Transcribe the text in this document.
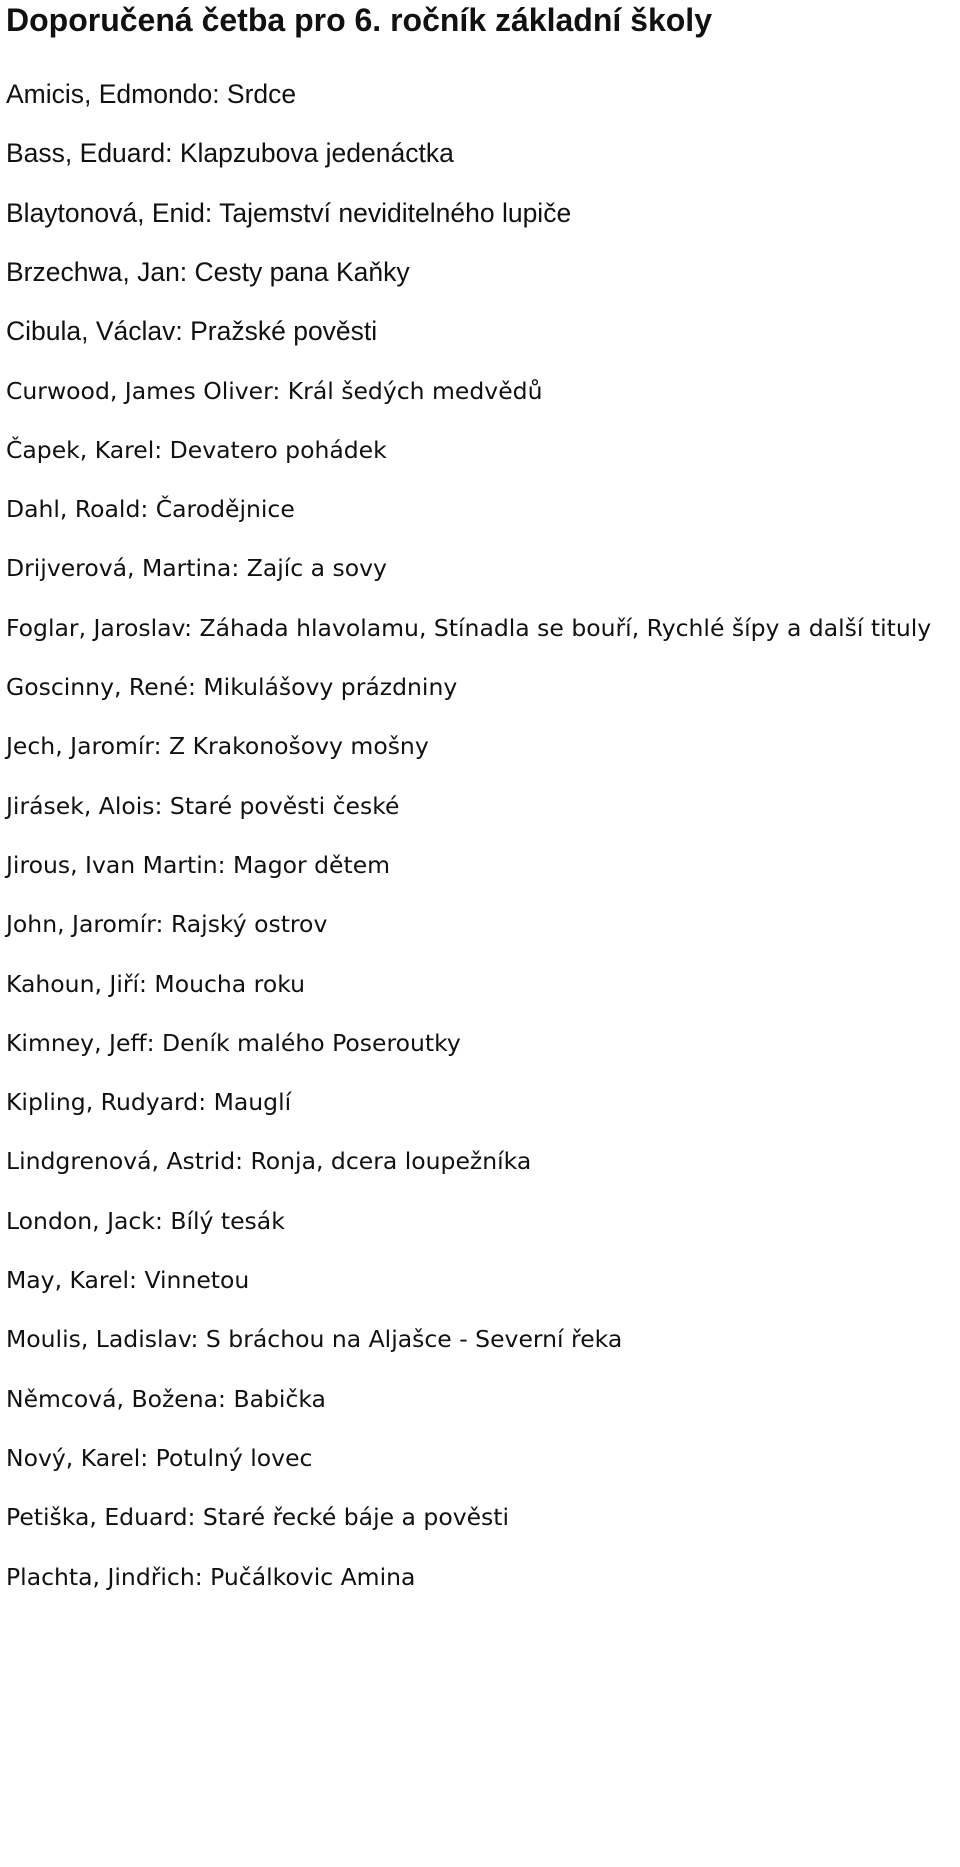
Doporučená četba pro 6. ročník základní školy
Amicis, Edmondo: Srdce
Bass, Eduard: Klapzubova jedenáctka
Blaytonová, Enid: Tajemství neviditelného lupiče
Brzechwa, Jan: Cesty pana Kaňky
Cibula, Václav: Pražské pověsti
Curwood, James Oliver: Král šedých medvědů
Čapek, Karel: Devatero pohádek
Dahl, Roald: Čarodějnice
Drijverová, Martina: Zajíc a sovy
Foglar, Jaroslav: Záhada hlavolamu, Stínadla se bouří, Rychlé šípy a další tituly
Goscinny, René: Mikulášovy prázdniny
Jech, Jaromír: Z Krakonošovy mošny
Jirásek, Alois: Staré pověsti české
Jirous, Ivan Martin: Magor dětem
John, Jaromír: Rajský ostrov
Kahoun, Jiří: Moucha roku
Kimney, Jeff: Deník malého Poseroutky
Kipling, Rudyard: Mauglí
Lindgrenová, Astrid: Ronja, dcera loupežníka
London, Jack: Bílý tesák
May, Karel: Vinnetou
Moulis, Ladislav: S bráchou na Aljašce - Severní řeka
Němcová, Božena: Babička
Nový, Karel: Potulný lovec
Petiška, Eduard: Staré řecké báje a pověsti
Plachta, Jindřich: Pučálkovic Amina
